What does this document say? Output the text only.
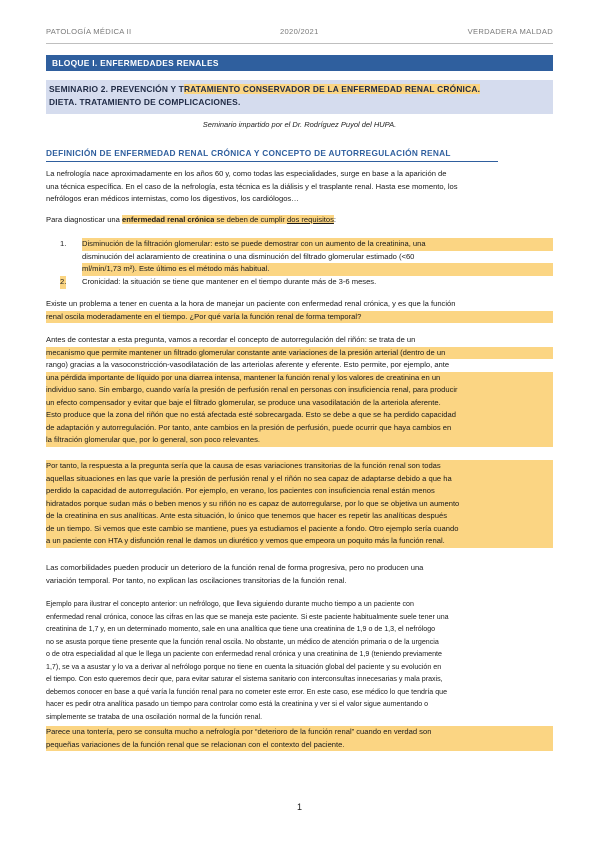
PATOLOGÍA MÉDICA II	2020/2021	VERDADERA MALDAD
BLOQUE I. ENFERMEDADES RENALES
SEMINARIO 2. PREVENCIÓN Y TRATAMIENTO CONSERVADOR DE LA ENFERMEDAD RENAL CRÓNICA.
DIETA. TRATAMIENTO DE COMPLICACIONES.
Seminario impartido por el Dr. Rodríguez Puyol del HUPA.
DEFINICIÓN DE ENFERMEDAD RENAL CRÓNICA Y CONCEPTO DE AUTORREGULACIÓN RENAL
La nefrología nace aproximadamente en los años 60 y, como todas las especialidades, surge en base a la aparición de
una técnica específica. En el caso de la nefrología, esta técnica es la diálisis y el trasplante renal. Hasta ese momento, los
nefrólogos eran médicos internistas, como los digestivos, los cardiólogos…
Para diagnosticar una enfermedad renal crónica se deben de cumplir dos requisitos:
1. Disminución de la filtración glomerular: esto se puede demostrar con un aumento de la creatinina, una
disminución del aclaramiento de creatinina o una disminución del filtrado glomerular estimado (<60
ml/min/1,73 m²). Este último es el método más habitual.
2. Cronicidad: la situación se tiene que mantener en el tiempo durante más de 3-6 meses.
Existe un problema a tener en cuenta a la hora de manejar un paciente con enfermedad renal crónica, y es que la función
renal oscila moderadamente en el tiempo. ¿Por qué varía la función renal de forma temporal?
Antes de contestar a esta pregunta, vamos a recordar el concepto de autorregulación del riñón: se trata de un
mecanismo que permite mantener un filtrado glomerular constante ante variaciones de la presión arterial (dentro de un
rango) gracias a la vasoconstricción-vasodilatación de las arteriolas aferente y eferente. Esto permite, por ejemplo, ante
una pérdida importante de líquido por una diarrea intensa, mantener la función renal y los valores de creatinina en un
individuo sano. Sin embargo, cuando varía la presión de perfusión renal en personas con insuficiencia renal, para producir
un efecto compensador y evitar que baje el filtrado glomerular, se produce una vasodilatación de la arteriola aferente.
Esto produce que la zona del riñón que no está afectada esté sobrecargada. Esto se debe a que se ha perdido capacidad
de adaptación y autorregulación. Por tanto, ante cambios en la presión de perfusión, puede ocurrir que haya cambios en
la filtración glomerular que, por lo general, son poco relevantes.
Por tanto, la respuesta a la pregunta sería que la causa de esas variaciones transitorias de la función renal son todas
aquellas situaciones en las que varíe la presión de perfusión renal y el riñón no sea capaz de adaptarse debido a que ha
perdido la capacidad de autorregulación. Por ejemplo, en verano, los pacientes con insuficiencia renal están menos
hidratados porque sudan más o beben menos y su riñón no es capaz de autorregularse, por lo que se objetiva un aumento
de la creatinina en sus analíticas. Ante esta situación, lo único que tenemos que hacer es repetir las analíticas después
de un tiempo. Si vemos que este cambio se mantiene, pues ya estudiamos el paciente a fondo. Otro ejemplo sería cuando
a un paciente con HTA y disfunción renal le damos un diurético y vemos que empeora un poquito más la función renal.
Las comorbilidades pueden producir un deterioro de la función renal de forma progresiva, pero no producen una
variación temporal. Por tanto, no explican las oscilaciones transitorias de la función renal.
Ejemplo para ilustrar el concepto anterior: un nefrólogo, que lleva siguiendo durante mucho tiempo a un paciente con
enfermedad renal crónica, conoce las cifras en las que se maneja este paciente. Si este paciente habitualmente suele tener una
creatinina de 1,7 y, en un determinado momento, sale en una analítica que tiene una creatinina de 1,9 o de 1,3, el nefrólogo
no se asusta porque tiene presente que la función renal oscila. No obstante, un médico de atención primaria o de la urgencia
o de otra especialidad al que le llega un paciente con enfermedad renal crónica y una creatinina de 1,9 (teniendo previamente
1,7), se va a asustar y lo va a derivar al nefrólogo porque no tiene en cuenta la situación global del paciente y su evolución en
el tiempo. Con esto queremos decir que, para evitar saturar el sistema sanitario con interconsultas innecesarias y mala praxis,
debemos conocer en base a qué varía la función renal para no cometer este error. En este caso, ese médico lo que tendría que
hacer es pedir otra analítica pasado un tiempo para controlar como está la creatinina y ver si el valor sigue aumentando o
simplemente se trataba de una oscilación normal de la función renal.
Parece una tontería, pero se consulta mucho a nefrología por “deterioro de la función renal” cuando en verdad son
pequeñas variaciones de la función renal que se relacionan con el contexto del paciente.
1
